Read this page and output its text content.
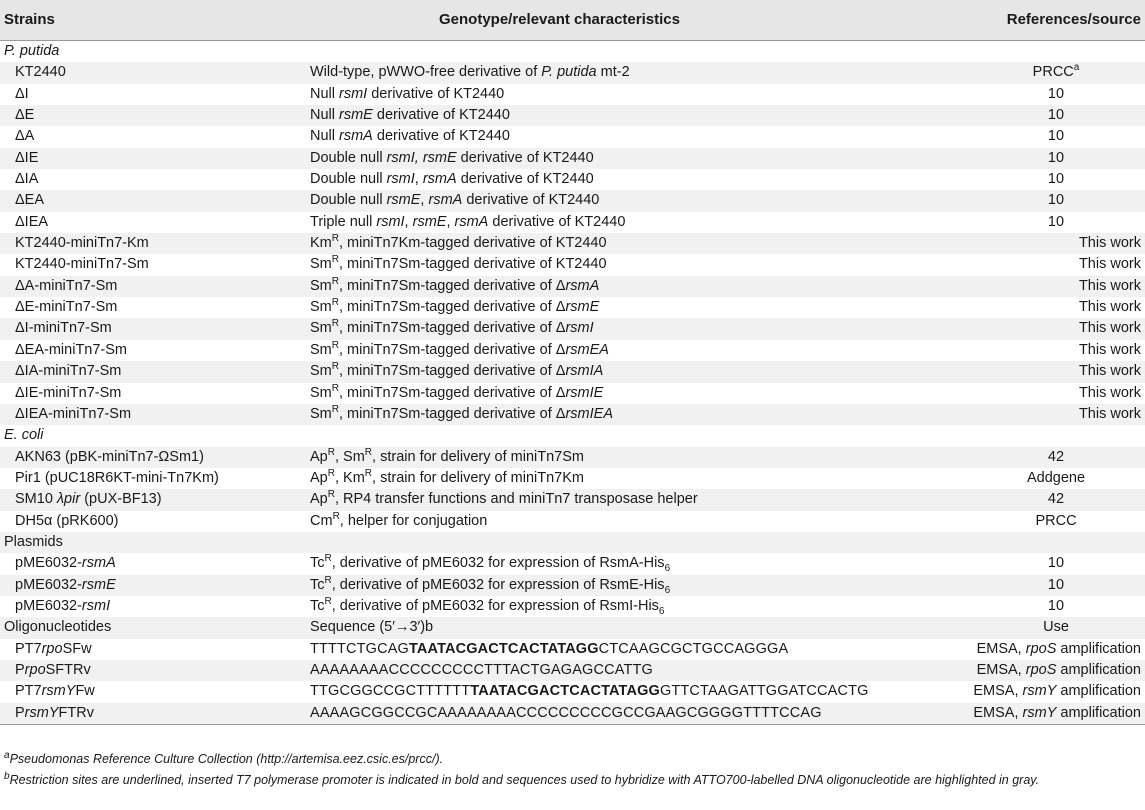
Strains	Genotype/relevant characteristics	References/source
P. putida
KT2440	Wild-type, pWWO-free derivative of P. putida mt-2	PRCC$^a$
ΔI	Null rsmI derivative of KT2440	10
ΔE	Null rsmE derivative of KT2440	10
ΔA	Null rsmA derivative of KT2440	10
ΔIE	Double null rsmI, rsmE derivative of KT2440	10
ΔIA	Double null rsmI, rsmA derivative of KT2440	10
ΔEA	Double null rsmE, rsmA derivative of KT2440	10
ΔIEA	Triple null rsmI, rsmE, rsmA derivative of KT2440	10
KT2440-miniTn7-Km	$Km^R$, miniTn7Km-tagged derivative of KT2440	This work
KT2440-miniTn7-Sm	$Sm^R$, miniTn7Sm-tagged derivative of KT2440	This work
ΔA-miniTn7-Sm	$Sm^R$, miniTn7Sm-tagged derivative of ΔrsmA	This work
ΔE-miniTn7-Sm	$Sm^R$, miniTn7Sm-tagged derivative of ΔrsmE	This work
ΔI-miniTn7-Sm	$Sm^R$, miniTn7Sm-tagged derivative of ΔrsmI	This work
ΔEA-miniTn7-Sm	$Sm^R$, miniTn7Sm-tagged derivative of ΔrsmEA	This work
ΔIA-miniTn7-Sm	$Sm^R$, miniTn7Sm-tagged derivative of ΔrsmIA	This work
ΔIE-miniTn7-Sm	$Sm^R$, miniTn7Sm-tagged derivative of ΔrsmIE	This work
ΔIEA-miniTn7-Sm	$Sm^R$, miniTn7Sm-tagged derivative of ΔrsmIEA	This work
E. coli
AKN63 (pBK-miniTn7-ΩSm1)	$Ap^R$, $Sm^R$, strain for delivery of miniTn7Sm	42
Pir1 (pUC18R6KT-mini-Tn7Km)	$Ap^R$, $Km^R$, strain for delivery of miniTn7Km	Addgene
SM10 λpir (pUX-BF13)	$Ap^R$, RP4 transfer functions and miniTn7 transposase helper	42
DH5α (pRK600)	$Cm^R$, helper for conjugation	PRCC
Plasmids
pME6032-rsmA	$Tc^R$, derivative of pME6032 for expression of RsmA-His$_6$	10
pME6032-rsmE	$Tc^R$, derivative of pME6032 for expression of RsmE-His$_6$	10
pME6032-rsmI	$Tc^R$, derivative of pME6032 for expression of RsmI-His$_6$	10
Oligonucleotides	Sequence (5′→3′)b	Use
PT7rpoSFw	TTTTCTGCAGTAATACGACTCACTATAGGCTCAAGCGCTGCCAGGGA	EMSA, rpoS amplification
PrpoSFTRv	AAAAAAAACCCCCCCCCTTTACTGAGAGCCATTG	EMSA, rpoS amplification
PT7rsmYFw	TTGCGGCCGCTTTTTTTAATACGACTCACTATAGGGTTCTAAGATTGGATCCACTG	EMSA, rsmY amplification
PrsmYFTRv	AAAAGCGGCCGCAAAAAAAACCCCCCCCCGCCGAAGCGGGGTTTTCCAG	EMSA, rsmY amplification
$^a$Pseudomonas Reference Culture Collection (http://artemisa.eez.csic.es/prcc/).
$^b$Restriction sites are underlined, inserted T7 polymerase promoter is indicated in bold and sequences used to hybridize with ATTO700-labelled DNA oligonucleotide are highlighted in gray.
